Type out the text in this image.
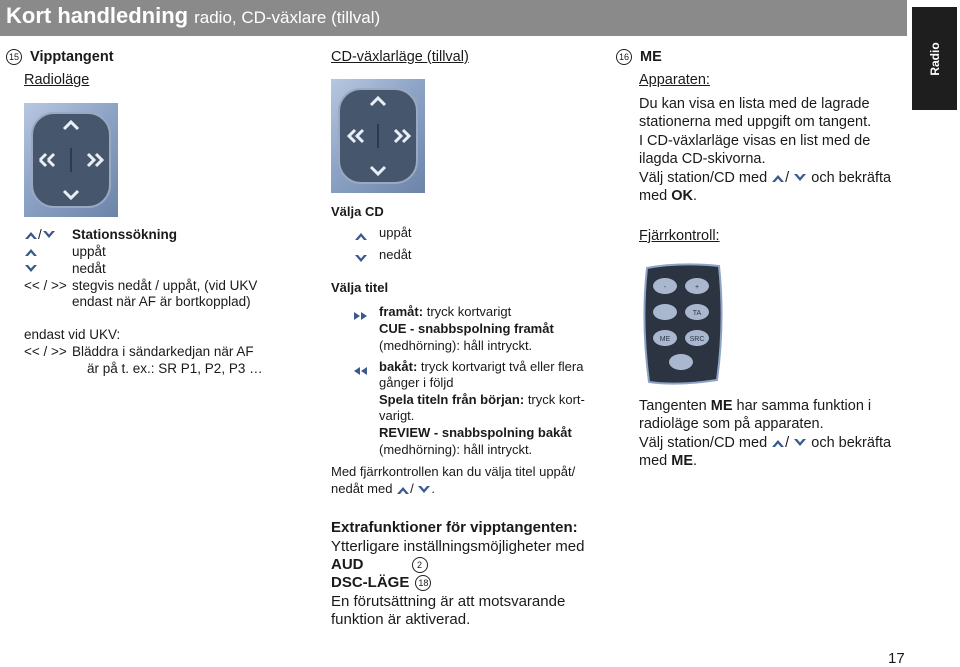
Kort handledning radio, CD-växlare (tillval)
Radio
15 Vipptangent
Radioläge
/	Stationssökning
uppåt
nedåt
<< / >> stegvis nedåt / uppåt, (vid UKV
endast när AF är bortkopplad)
endast vid UKV:
<< / >> Bläddra i sändarkedjan när AF
är på t. ex.: SR P1, P2, P3 …
CD-växlarläge (tillval)
Välja CD
uppåt
nedåt
Välja titel
framåt: tryck kortvarigt
CUE - snabbspolning framåt
(medhörning): håll intryckt.
bakåt: tryck kortvarigt två eller flera
gånger i följd
Spela titeln från början: tryck kort-
varigt.
REVIEW - snabbspolning bakåt
(medhörning): håll intryckt.
Med fjärrkontrollen kan du välja titel uppåt/
nedåt med / .
Extrafunktioner för vipptangenten:
Ytterligare inställningsmöjligheter med
AUD	2
DSC-LÄGE 18
En förutsättning är att motsvarande
funktion är aktiverad.
16 ME
Apparaten:
Du kan visa en lista med de lagrade
stationerna med uppgift om tangent.
I CD-växlarläge visas en list med de
ilagda CD-skivorna.
Välj station/CD med /  och bekräfta
med OK.
Fjärrkontroll:
-	+
TA
SRC
ME
Tangenten ME har samma funktion i
radioläge som på apparaten.
Välj station/CD med /  och bekräfta
med ME.
17
